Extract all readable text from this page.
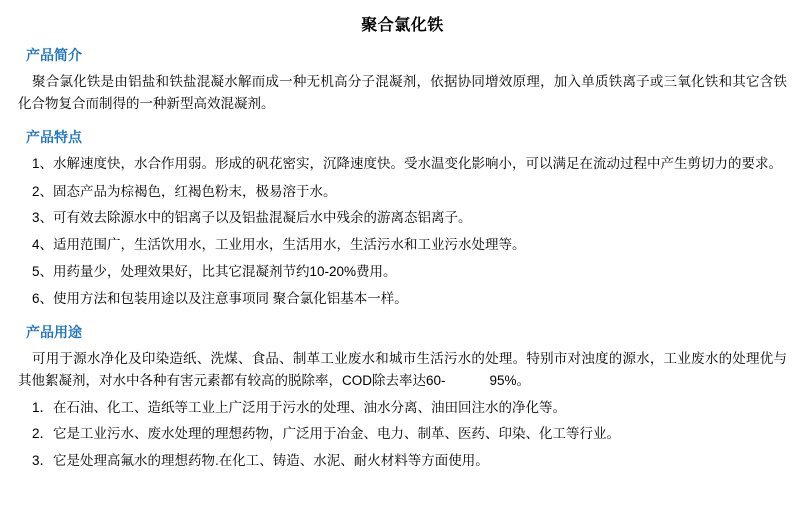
聚合氯化铁
产品简介

聚合氯化铁是由铝盐和铁盐混凝水解而成一种无机高分子混凝剂，依据协同增效原理，加入单质铁离子或三氧化铁和其它含铁化合物复合而制得的一种新型高效混凝剂。

产品特点

1、水解速度快，水合作用弱。形成的矾花密实，沉降速度快。受水温变化影响小，可以满足在流动过程中产生剪切力的要求。

2、固态产品为棕褐色，红褐色粉末，极易溶于水。

3、可有效去除源水中的铝离子以及铝盐混凝后水中残余的游离态铝离子。

4、适用范围广，生活饮用水，工业用水，生活用水，生活污水和工业污水处理等。

5、用药量少，处理效果好，比其它混凝剂节约10-20%费用。

6、使用方法和包装用途以及注意事项同 聚合氯化铝基本一样。

产品用途

可用于源水净化及印染造纸、洗煤、食品、制革工业废水和城市生活污水的处理。特别市对浊度的源水，工业废水的处理优与其他絮凝剂，对水中各种有害元素都有较高的脱除率，COD除去率达60-	95%。

1．在石油、化工、造纸等工业上广泛用于污水的处理、油水分离、油田回注水的净化等。

2．它是工业污水、废水处理的理想药物，广泛用于冶金、电力、制革、医药、印染、化工等行业。

3．它是处理高氟水的理想药物.在化工、铸造、水泥、耐火材料等方面使用。
